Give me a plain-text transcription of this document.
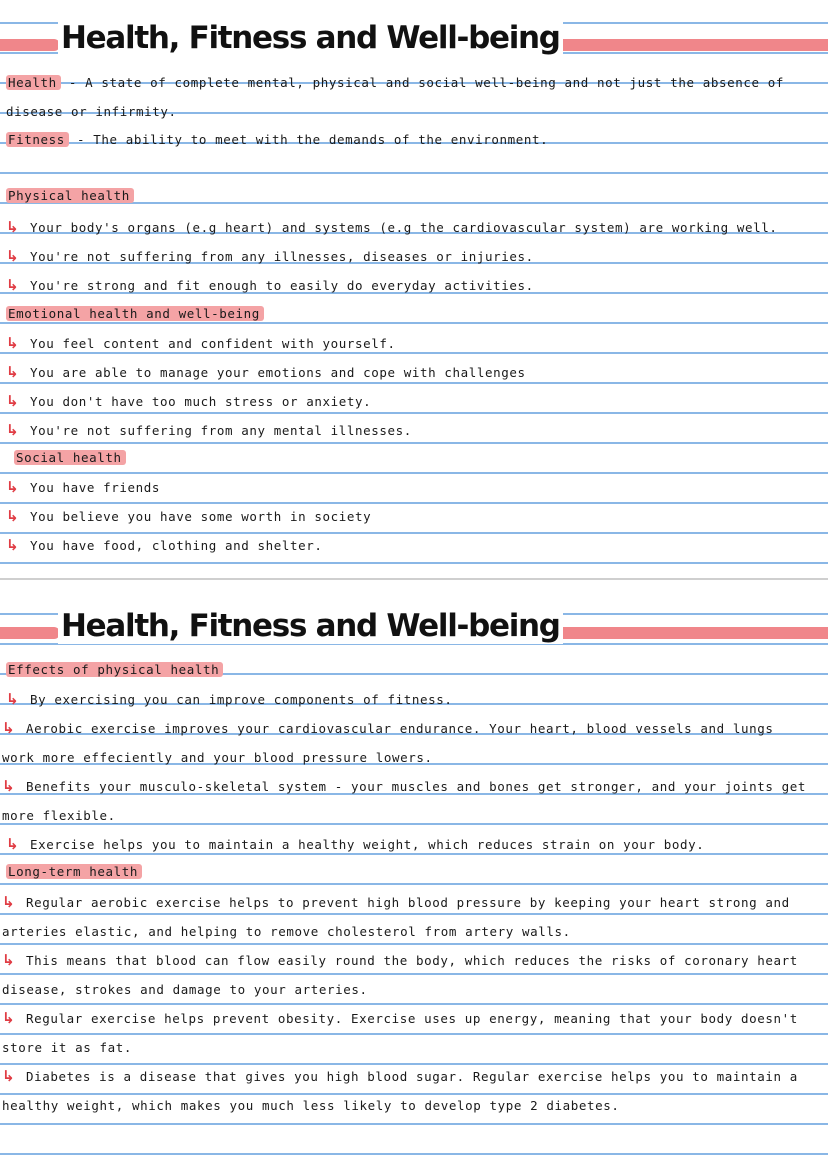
Health, Fitness and Well-being
Health - A state of complete mental, physical and social well-being and not just the absence of disease or infirmity.
Fitness - The ability to meet with the demands of the environment.
Physical health
↳ Your body's organs (e.g heart) and systems (e.g the cardiovascular system) are working well.
↳ You're not suffering from any illnesses, diseases or injuries.
↳ You're strong and fit enough to easily do everyday activities.
Emotional health and well-being
↳ You feel content and confident with yourself.
↳ You are able to manage your emotions and cope with challenges
↳ You don't have too much stress or anxiety.
↳ You're not suffering from any mental illnesses.
Social health
↳ You have friends
↳ You believe you have some worth in society
↳ You have food, clothing and shelter.
Health, Fitness and Well-being
Effects of physical health
↳ By exercising you can improve components of fitness.
↳ Aerobic exercise improves your cardiovascular endurance. Your heart, blood vessels and lungs work more effeciently and your blood pressure lowers.
↳ Benefits your musculo-skeletal system - your muscles and bones get stronger, and your joints get more flexible.
↳ Exercise helps you to maintain a healthy weight, which reduces strain on your body.
Long-term health
↳ Regular aerobic exercise helps to prevent high blood pressure by keeping your heart strong and arteries elastic, and helping to remove cholesterol from artery walls.
↳ This means that blood can flow easily round the body, which reduces the risks of coronary heart disease, strokes and damage to your arteries.
↳ Regular exercise helps prevent obesity. Exercise uses up energy, meaning that your body doesn't store it as fat.
↳ Diabetes is a disease that gives you high blood sugar. Regular exercise helps you to maintain a healthy weight, which makes you much less likely to develop type 2 diabetes.
